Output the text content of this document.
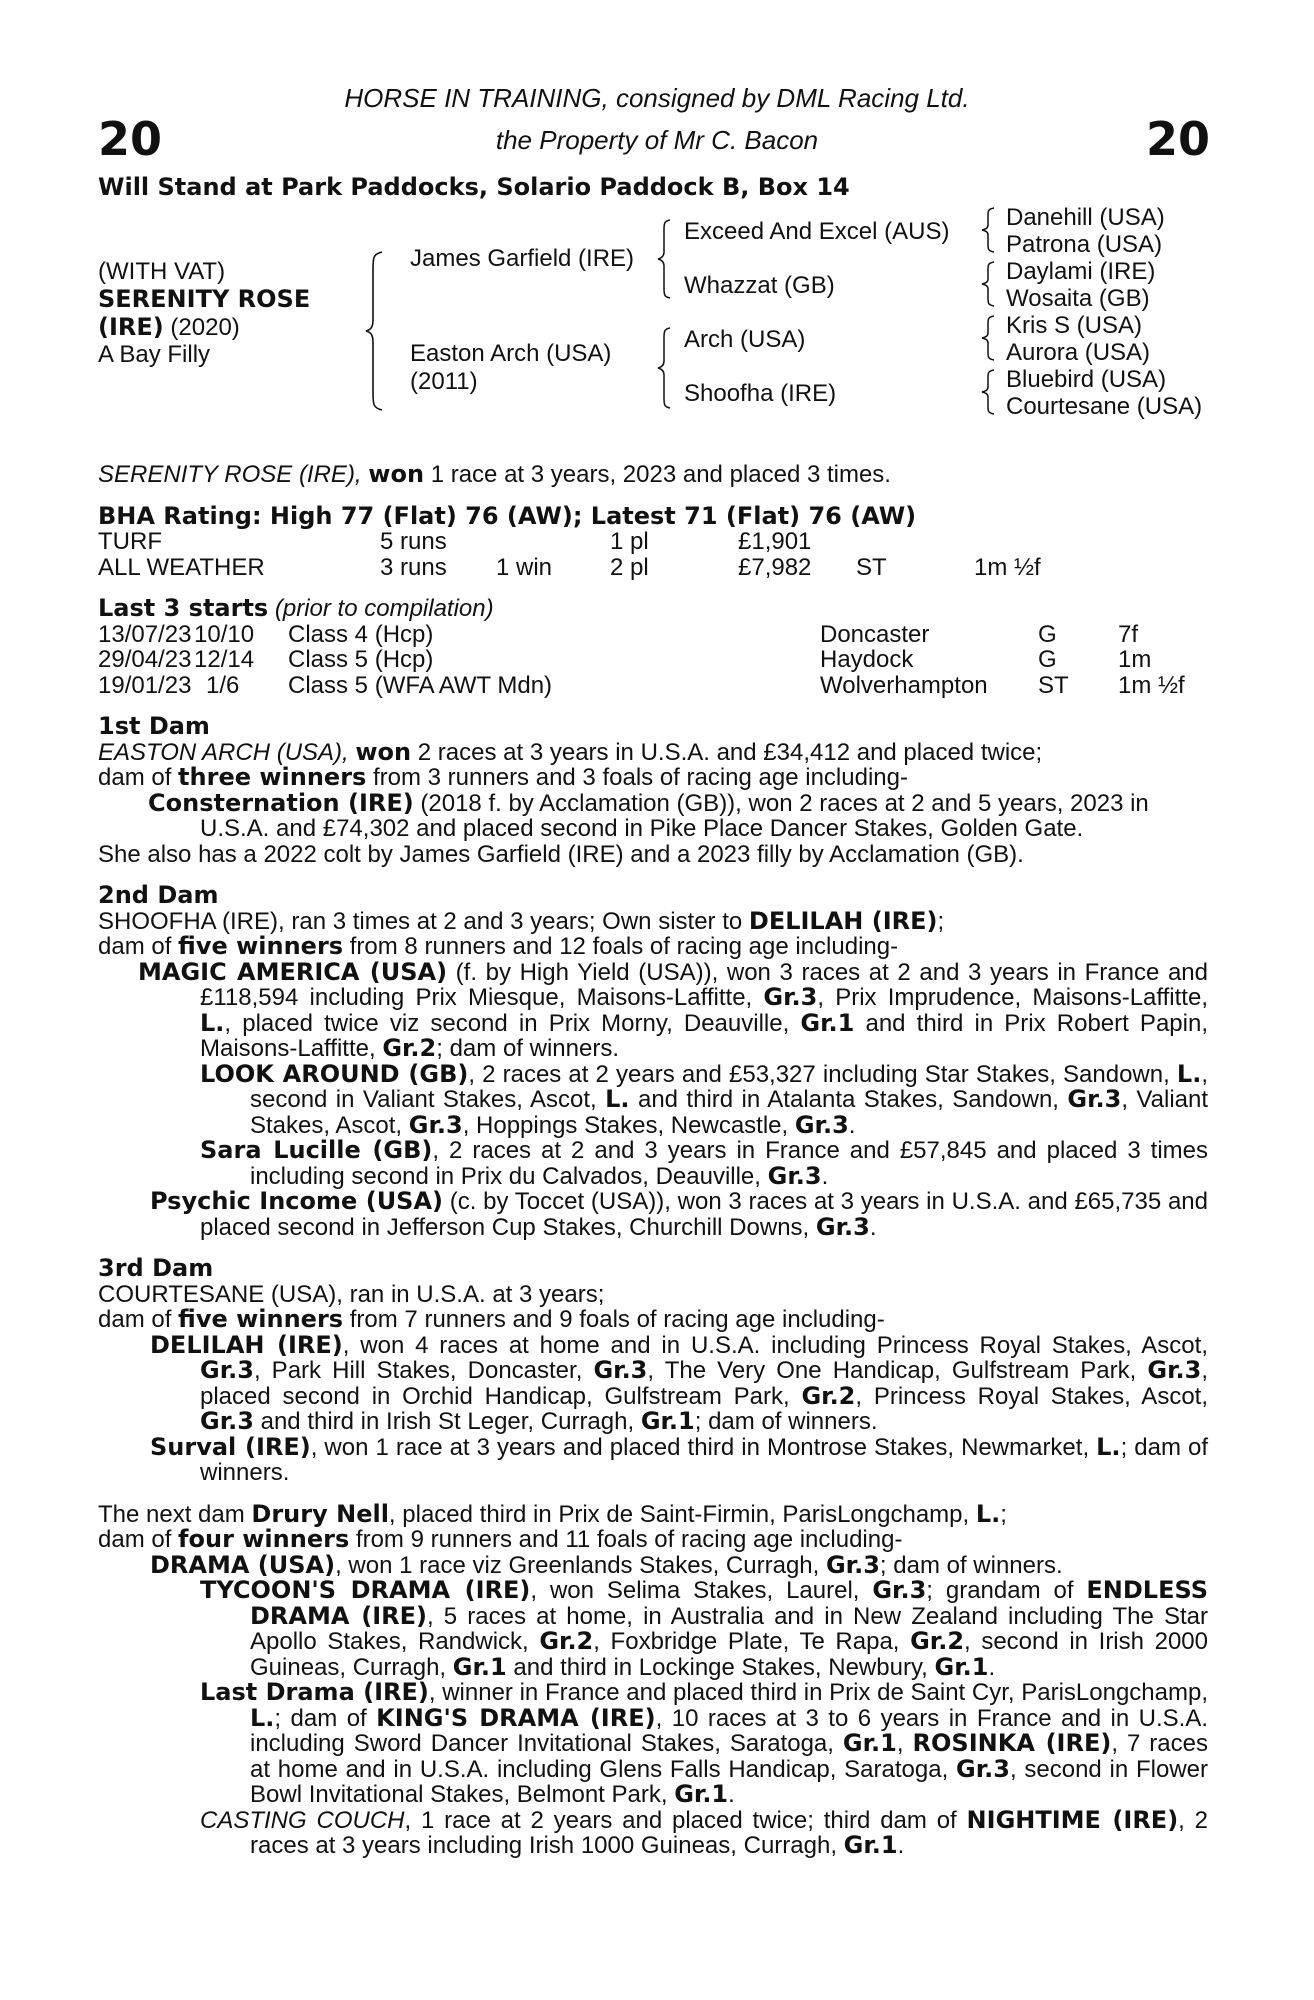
20	20
HORSE IN TRAINING, consigned by DML Racing Ltd.
the Property of Mr C. Bacon
Will Stand at Park Paddocks, Solario Paddock B, Box 14
(WITH VAT)
SERENITY ROSE
(IRE) (2020)
A Bay Filly
James Garfield (IRE)
Easton Arch (USA)
(2011)
Exceed And Excel (AUS)
Whazzat (GB)
Arch (USA)
Shoofha (IRE)
Danehill (USA)
Patrona (USA)
Daylami (IRE)
Wosaita (GB)
Kris S (USA)
Aurora (USA)
Bluebird (USA)
Courtesane (USA)

SERENITY ROSE (IRE), won 1 race at 3 years, 2023 and placed 3 times.

BHA Rating: High 77 (Flat) 76 (AW); Latest 71 (Flat) 76 (AW)

TURF	5 runs	1 pl	£1,901
ALL WEATHER	3 runs 1 win 2 pl	£7,982 ST	1m ½f

Last 3 starts (prior to compilation)

13/07/23 10/10 Class 4 (Hcp)	Doncaster	G	7f
29/04/23 12/14 Class 5 (Hcp)	Haydock	G	1m
19/01/23 1/6 Class 5 (WFA AWT Mdn)	Wolverhampton ST 1m ½f

1st Dam

EASTON ARCH (USA), won 2 races at 3 years in U.S.A. and £34,412 and placed twice;

dam of three winners from 3 runners and 3 foals of racing age including-

Consternation (IRE) (2018 f. by Acclamation (GB)), won 2 races at 2 and 5 years, 2023 in U.S.A. and £74,302 and placed second in Pike Place Dancer Stakes, Golden Gate.

She also has a 2022 colt by James Garfield (IRE) and a 2023 filly by Acclamation (GB).

2nd Dam

SHOOFHA (IRE), ran 3 times at 2 and 3 years; Own sister to DELILAH (IRE);

dam of five winners from 8 runners and 12 foals of racing age including-

MAGIC AMERICA (USA) (f. by High Yield (USA)), won 3 races at 2 and 3 years in France and £118,594 including Prix Miesque, Maisons-Laffitte, Gr.3, Prix Imprudence, Maisons-Laffitte, L., placed twice viz second in Prix Morny, Deauville, Gr.1 and third in Prix Robert Papin, Maisons-Laffitte, Gr.2; dam of winners.

LOOK AROUND (GB), 2 races at 2 years and £53,327 including Star Stakes, Sandown, L., second in Valiant Stakes, Ascot, L. and third in Atalanta Stakes, Sandown, Gr.3, Valiant Stakes, Ascot, Gr.3, Hoppings Stakes, Newcastle, Gr.3.

Sara Lucille (GB), 2 races at 2 and 3 years in France and £57,845 and placed 3 times including second in Prix du Calvados, Deauville, Gr.3.

Psychic Income (USA) (c. by Toccet (USA)), won 3 races at 3 years in U.S.A. and £65,735 and placed second in Jefferson Cup Stakes, Churchill Downs, Gr.3.

3rd Dam

COURTESANE (USA), ran in U.S.A. at 3 years;

dam of five winners from 7 runners and 9 foals of racing age including-

DELILAH (IRE), won 4 races at home and in U.S.A. including Princess Royal Stakes, Ascot, Gr.3, Park Hill Stakes, Doncaster, Gr.3, The Very One Handicap, Gulfstream Park, Gr.3, placed second in Orchid Handicap, Gulfstream Park, Gr.2, Princess Royal Stakes, Ascot, Gr.3 and third in Irish St Leger, Curragh, Gr.1; dam of winners.

Surval (IRE), won 1 race at 3 years and placed third in Montrose Stakes, Newmarket, L.; dam of winners.

The next dam Drury Nell, placed third in Prix de Saint-Firmin, ParisLongchamp, L.;

dam of four winners from 9 runners and 11 foals of racing age including-

DRAMA (USA), won 1 race viz Greenlands Stakes, Curragh, Gr.3; dam of winners.

TYCOON'S DRAMA (IRE), won Selima Stakes, Laurel, Gr.3; grandam of ENDLESS DRAMA (IRE), 5 races at home, in Australia and in New Zealand including The Star Apollo Stakes, Randwick, Gr.2, Foxbridge Plate, Te Rapa, Gr.2, second in Irish 2000 Guineas, Curragh, Gr.1 and third in Lockinge Stakes, Newbury, Gr.1.

Last Drama (IRE), winner in France and placed third in Prix de Saint Cyr, ParisLongchamp, L.; dam of KING'S DRAMA (IRE), 10 races at 3 to 6 years in France and in U.S.A. including Sword Dancer Invitational Stakes, Saratoga, Gr.1, ROSINKA (IRE), 7 races at home and in U.S.A. including Glens Falls Handicap, Saratoga, Gr.3, second in Flower Bowl Invitational Stakes, Belmont Park, Gr.1.

CASTING COUCH, 1 race at 2 years and placed twice; third dam of NIGHTIME (IRE), 2 races at 3 years including Irish 1000 Guineas, Curragh, Gr.1.
